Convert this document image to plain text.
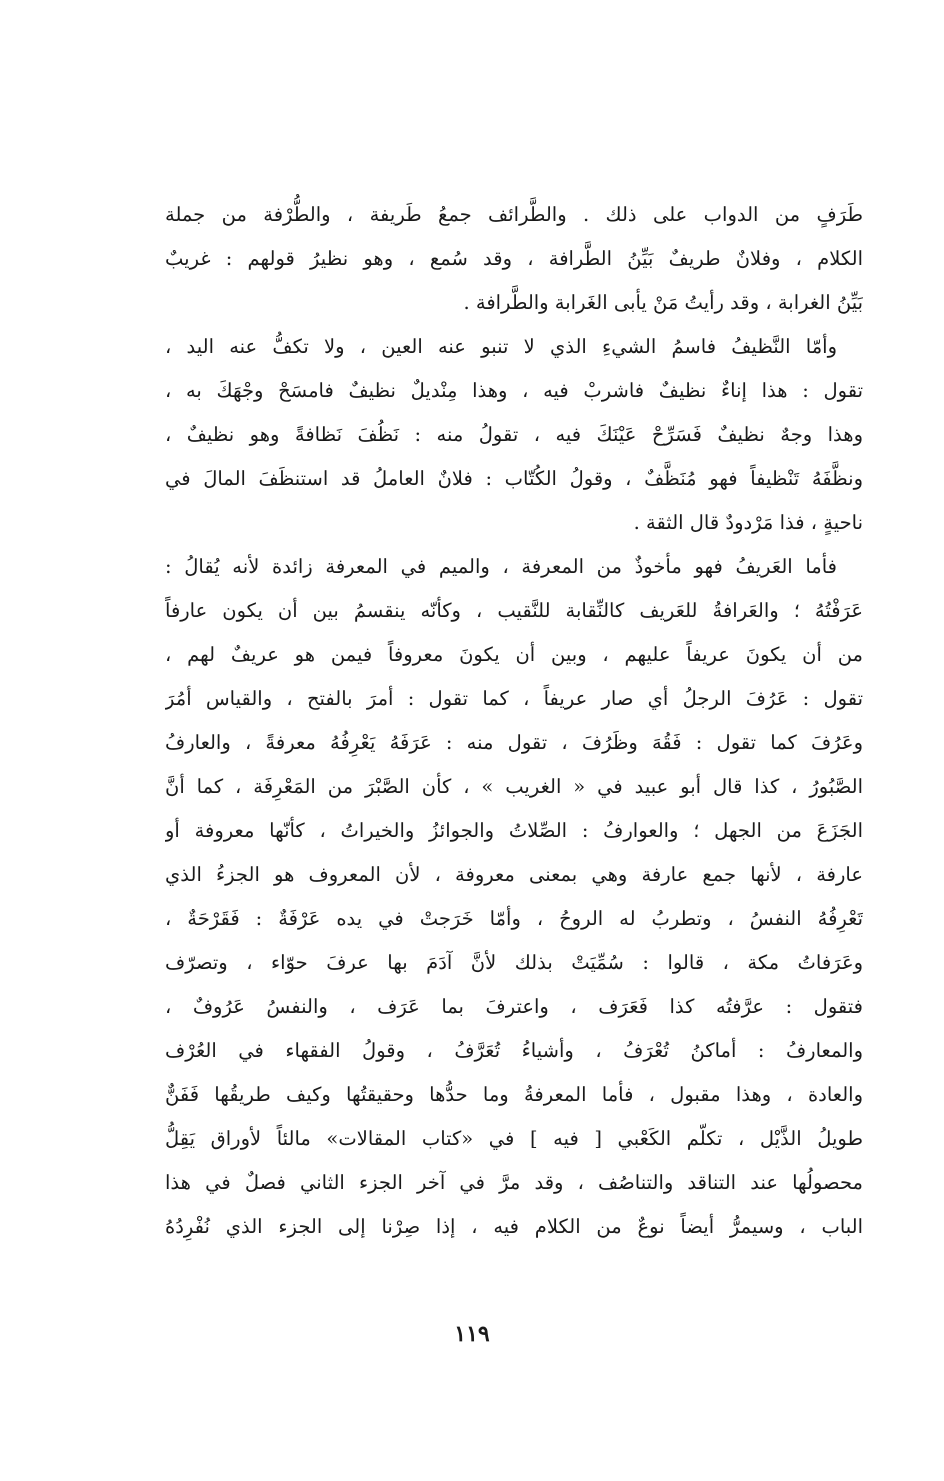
طَرَفٍ من الدواب على ذلك . والطَّرائف جمعُ طَريفة ، والطُّرْفة من جملة
الكلام ، وفلانٌ طريفٌ بَيِّنُ الطَّرافة ، وقد سُمع ، وهو نظيرُ قولهم : غريبٌ
بَيِّنُ الغرابة ، وقد رأيتُ مَنْ يأبى الغَرابة والطَّرافة .
وأمّا النَّظيفُ فاسمُ الشيءِ الذي لا تنبو عنه العين ، ولا تكفُّ عنه اليد ،
تقول : هذا إناءٌ نظيفٌ فاشربْ فيه ، وهذا مِنْديلٌ نظيفٌ فامسَحْ وجْهَكَ به ،
وهذا وجهٌ نظيفٌ فَسَرِّحْ عَيْنَكَ فيه ، تقولُ منه : نَظُفَ نَظافةً وهو نظيفٌ ،
ونظَّفَهُ تَنْظيفاً فهو مُنَظَّفٌ ، وقولُ الكُتّاب : فلانٌ العاملُ قد استنظَفَ المالَ في
ناحيةٍ ، فذا مَرْدودٌ قال الثقة .
فأما العَريفُ فهو مأخوذٌ من المعرفة ، والميم في المعرفة زائدة لأنه يُقالُ :
عَرَفْتُهُ ؛ والعَرافةُ للعَريف كالنِّقابة للنَّقيب ، وكأنّه ينقسمُ بين أن يكون عارفاً
من أن يكونَ عريفاً عليهم ، وبين أن يكونَ معروفاً فيمن هو عريفٌ لهم ،
تقول : عَرُفَ الرجلُ أي صار عريفاً ، كما تقول : أمرَ بالفتح ، والقياس أمُرَ
وعَرُفَ كما تقول : فَقُهَ وظَرُفَ ، تقول منه : عَرَفَهُ يَعْرِفُهُ معرفةً ، والعارفُ
الصَّبُورُ ، كذا قال أبو عبيد في « الغريب » ، كأن الصَّبْرَ من المَعْرِفَة ، كما أنَّ
الجَزَعَ من الجهل ؛ والعوارفُ : الصِّلاتُ والجوائزُ والخيراتُ ، كأنّها معروفة أو
عارفة ، لأنها جمع عارفة وهي بمعنى معروفة ، لأن المعروف هو الجزءُ الذي
تَعْرِفُهُ النفسُ ، وتطربُ له الروحُ ، وأمّا خَرَجتْ في يده عَرْفَةٌ : فَقَرْحَةٌ ،
وعَرَفاتُ مكة ، قالوا : سُمِّيَتْ بذلك لأنَّ آدَمَ بها عرفَ حوّاء ، وتصرّف
فتقول : عرَّفتُه كذا فَعَرَف ، واعترفَ بما عَرَف ، والنفسُ عَرُوفٌ ،
والمعارفُ : أماكنُ تُعْرَفُ ، وأشياءُ تُعَرَّفُ ، وقولُ الفقهاء في العُرْف
والعادة ، وهذا مقبول ، فأما المعرفةُ وما حدُّها وحقيقتُها وكيف طريقُها فَفَنٌّ
طويلُ الذَّيْل ، تكلّم الكَعْبي [ فيه ] في «كتاب المقالات» مالئاً لأوراق يَقِلُّ
محصولُها عند التناقد والتناصُف ، وقد مرَّ في آخر الجزء الثاني فصلٌ في هذا
الباب ، وسيمرُّ أيضاً نوعٌ من الكلام فيه ، إذا صِرْنا إلى الجزء الذي نُفْرِدُهُ
١١٩
